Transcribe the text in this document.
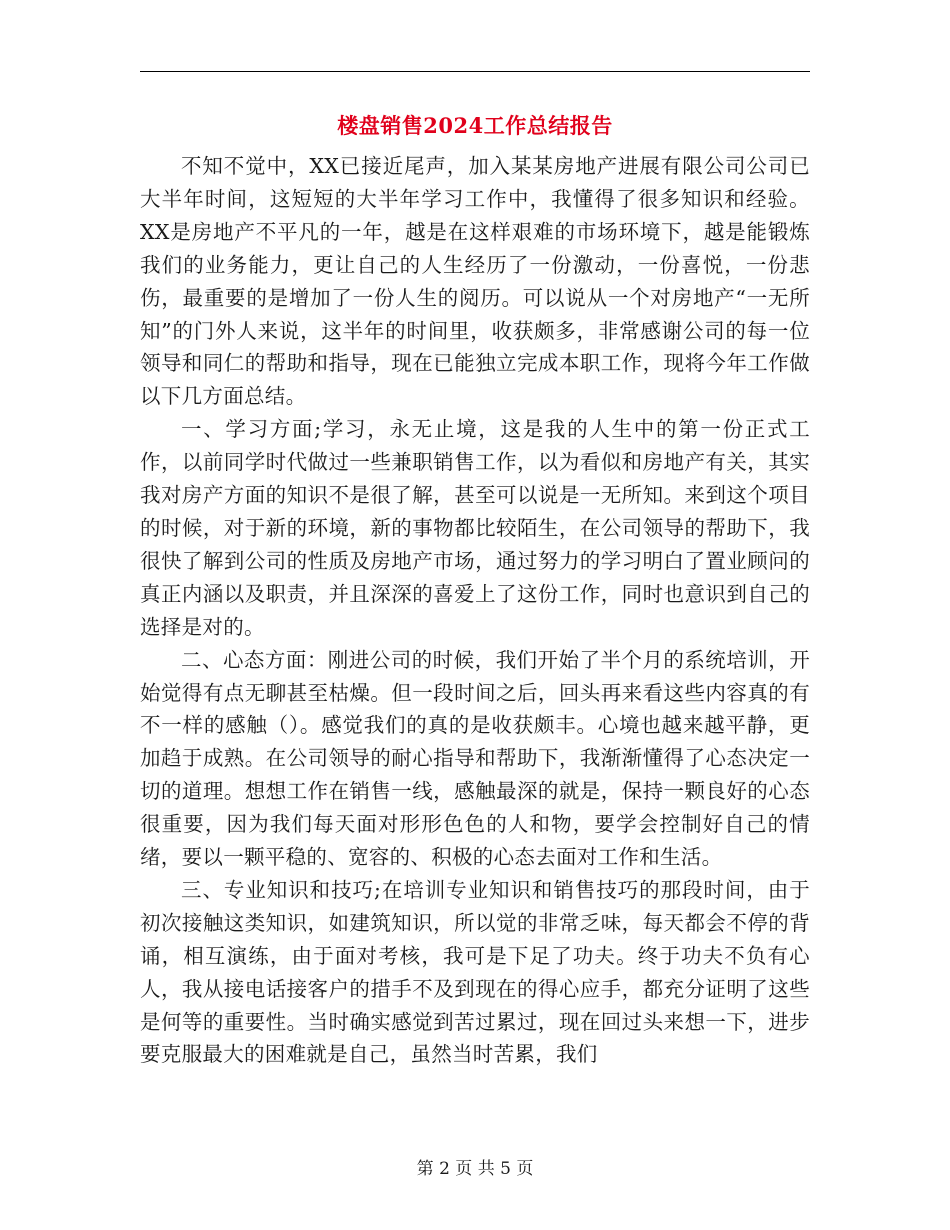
楼盘销售2024工作总结报告

不知不觉中，XX已接近尾声，加入某某房地产进展有限公司公司已大半年时间，这短短的大半年学习工作中，我懂得了很多知识和经验。XX是房地产不平凡的一年，越是在这样艰难的市场环境下，越是能锻炼我们的业务能力，更让自己的人生经历了一份激动，一份喜悦，一份悲伤，最重要的是增加了一份人生的阅历。可以说从一个对房地产“一无所知”的门外人来说，这半年的时间里，收获颇多，非常感谢公司的每一位领导和同仁的帮助和指导，现在已能独立完成本职工作，现将今年工作做以下几方面总结。

一、学习方面;学习，永无止境，这是我的人生中的第一份正式工作，以前同学时代做过一些兼职销售工作，以为看似和房地产有关，其实我对房产方面的知识不是很了解，甚至可以说是一无所知。来到这个项目的时候，对于新的环境，新的事物都比较陌生，在公司领导的帮助下，我很快了解到公司的性质及房地产市场，通过努力的学习明白了置业顾问的真正内涵以及职责，并且深深的喜爱上了这份工作，同时也意识到自己的选择是对的。

二、心态方面：刚进公司的时候，我们开始了半个月的系统培训，开始觉得有点无聊甚至枯燥。但一段时间之后，回头再来看这些内容真的有不一样的感触（）。感觉我们的真的是收获颇丰。心境也越来越平静，更加趋于成熟。在公司领导的耐心指导和帮助下，我渐渐懂得了心态决定一切的道理。想想工作在销售一线，感触最深的就是，保持一颗良好的心态很重要，因为我们每天面对形形色色的人和物，要学会控制好自己的情绪，要以一颗平稳的、宽容的、积极的心态去面对工作和生活。

三、专业知识和技巧;在培训专业知识和销售技巧的那段时间，由于初次接触这类知识，如建筑知识，所以觉的非常乏味，每天都会不停的背诵，相互演练，由于面对考核，我可是下足了功夫。终于功夫不负有心人，我从接电话接客户的措手不及到现在的得心应手，都充分证明了这些是何等的重要性。当时确实感觉到苦过累过，现在回过头来想一下，进步要克服最大的困难就是自己，虽然当时苦累，我们

第 2 页 共 5 页
